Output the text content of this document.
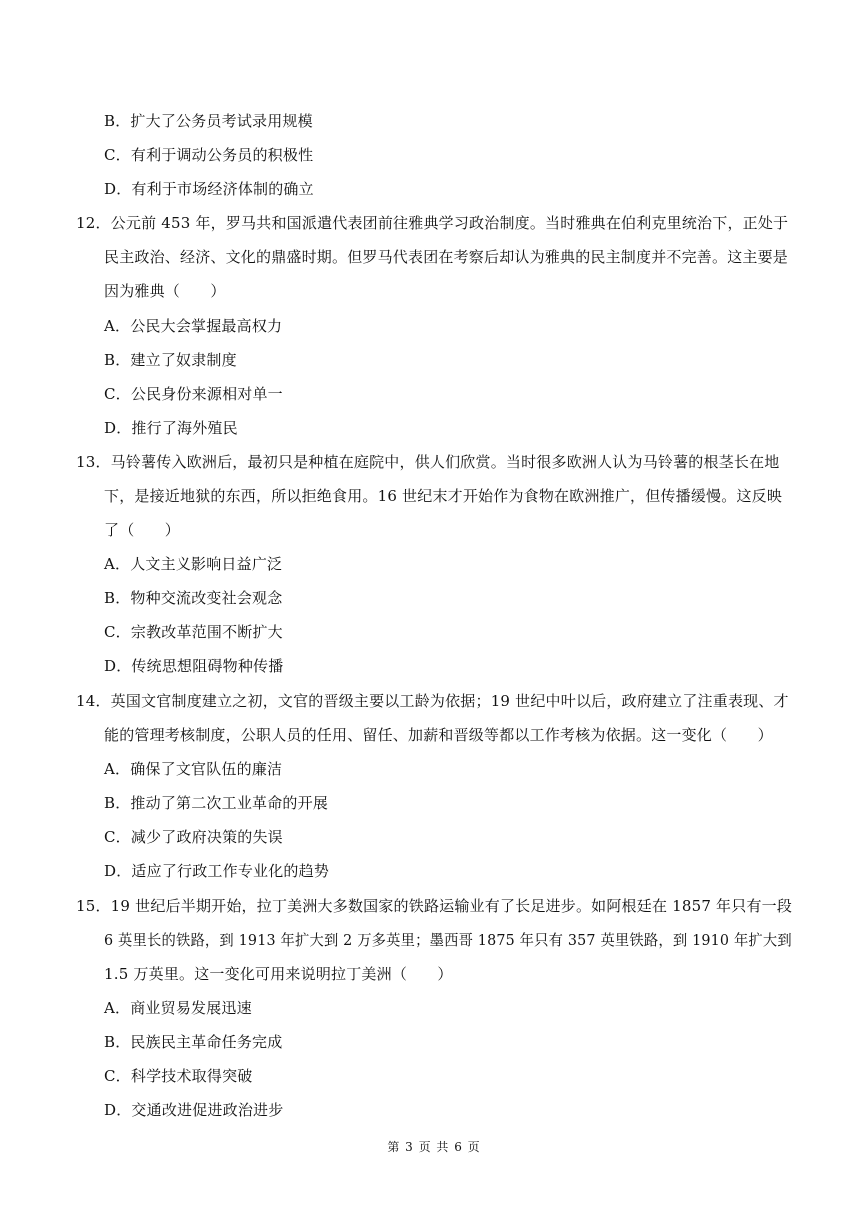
B．扩大了公务员考试录用规模
C．有利于调动公务员的积极性
D．有利于市场经济体制的确立
12．公元前 453 年，罗马共和国派遣代表团前往雅典学习政治制度。当时雅典在伯利克里统治下，正处于
民主政治、经济、文化的鼎盛时期。但罗马代表团在考察后却认为雅典的民主制度并不完善。这主要是
因为雅典（　　）
A．公民大会掌握最高权力
B．建立了奴隶制度
C．公民身份来源相对单一
D．推行了海外殖民
13．马铃薯传入欧洲后，最初只是种植在庭院中，供人们欣赏。当时很多欧洲人认为马铃薯的根茎长在地
下，是接近地狱的东西，所以拒绝食用。16 世纪末才开始作为食物在欧洲推广，但传播缓慢。这反映
了（　　）
A．人文主义影响日益广泛
B．物种交流改变社会观念
C．宗教改革范围不断扩大
D．传统思想阻碍物种传播
14．英国文官制度建立之初，文官的晋级主要以工龄为依据；19 世纪中叶以后，政府建立了注重表现、才
能的管理考核制度，公职人员的任用、留任、加薪和晋级等都以工作考核为依据。这一变化（　　）
A．确保了文官队伍的廉洁
B．推动了第二次工业革命的开展
C．减少了政府决策的失误
D．适应了行政工作专业化的趋势
15．19 世纪后半期开始，拉丁美洲大多数国家的铁路运输业有了长足进步。如阿根廷在 1857 年只有一段
6 英里长的铁路，到 1913 年扩大到 2 万多英里；墨西哥 1875 年只有 357 英里铁路，到 1910 年扩大到
1.5 万英里。这一变化可用来说明拉丁美洲（　　）
A．商业贸易发展迅速
B．民族民主革命任务完成
C．科学技术取得突破
D．交通改进促进政治进步
第 3 页 共 6 页
